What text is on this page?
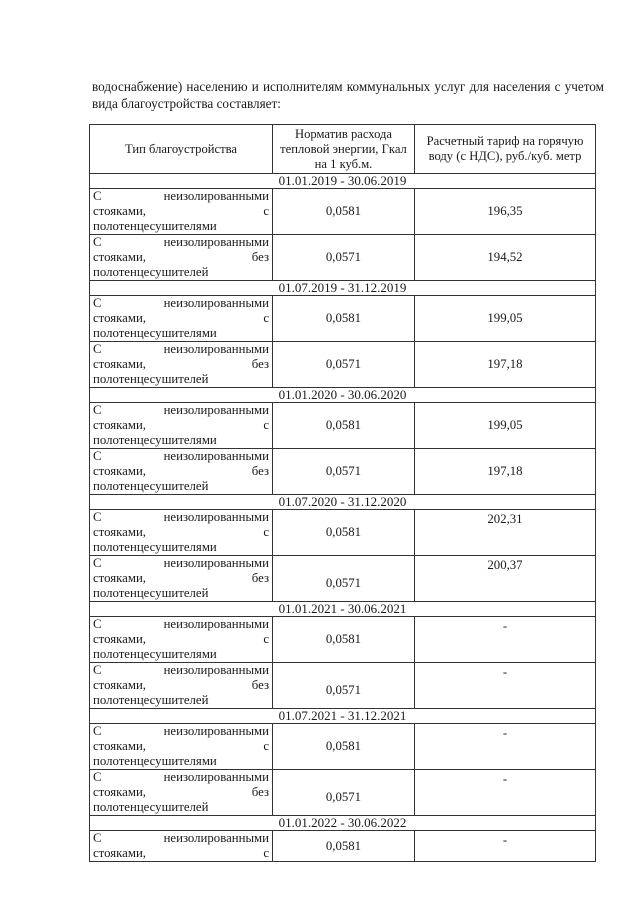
водоснабжение) населению и исполнителям коммунальных услуг для населения с учетом вида благоустройства составляет:
Тип благоустройства	Норматив расхода тепловой энергии, Гкал на 1 куб.м.	Расчетный тариф на горячую воду (с НДС), руб./куб. метр
01.01.2019 - 30.06.2019		

С неизолированными
стояками, с
полотенцесушителями	0,0581	196,35

С неизолированными
стояками, без
полотенцесушителей	0,0571	194,52
01.07.2019 - 31.12.2019		

С неизолированными
стояками, с
полотенцесушителями	0,0581	199,05

С неизолированными
стояками, без
полотенцесушителей	0,0571	197,18
01.01.2020 - 30.06.2020		

С неизолированными
стояками, с
полотенцесушителями	0,0581	199,05

С неизолированными
стояками, без
полотенцесушителей	0,0571	197,18
01.07.2020 - 31.12.2020		

С неизолированными
стояками, с
полотенцесушителями	0,0581	202,31

С неизолированными
стояками, без
полотенцесушителей	0,0571	200,37
01.01.2021 - 30.06.2021		

С неизолированными
стояками, с
полотенцесушителями	0,0581	-

С неизолированными
стояками, без
полотенцесушителей	0,0571	-
01.07.2021 - 31.12.2021		

С неизолированными
стояками, с
полотенцесушителями	0,0581	-

С неизолированными
стояками, без
полотенцесушителей	0,0571	-
01.01.2022 - 30.06.2022		

С неизолированными
стояками, с	0,0581	-
